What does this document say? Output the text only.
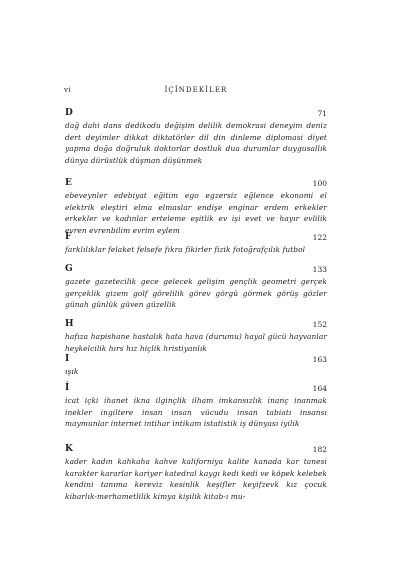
vi	İÇİNDEKİLER
D	71
dağ dahi dans dedikodu değişim delilik demokrasi deneyim deniz dert deyimler dikkat diktatörler dil din dinleme diplomasi diyet yapma doğa doğruluk doktorlar dostluk dua durumlar duygusallık dünya dürüstlük düşman düşünmek
E	100
ebeveynler edebiyat eğitim ego egzersiz eğlence ekonomi el elektrik eleştiri elma elmaslar endişe enginar erdem erkekler erkekler ve kadınlar erteleme eşitlik ev işi evet ve hayır evlilik evren evrenbilim evrim eylem
F	122
farklılıklar felaket felsefe fıkra fikirler fizik fotoğrafçılık futbol
G	133
gazete gazetecilik gece gelecek gelişim gençlik geometri gerçek gerçeklik gizem golf görelilik görev görgü görmek görüş gözler günah günlük güven güzellik
H	152
hafıza hapishane hastalık hata hava (durumu) hayal gücü hayvanlar heykelcilik hırs hız hiçlik hristiyanlık
I	163
ışık
İ	164
icat içki ihanet ikna ilginçlik ilham imkansızlık inanç inanmak inekler ingiltere insan insan vücudu insan tabiatı insansı maymunlar internet intihar intikam istatistik iş dünyası iyilik
K	182
kader kadın kahkaha kahve kaliforniya kalite kanada kar tanesi karakter kararlar kariyer katedral kaygı kedi kedi ve köpek kelebek kendini tanıma kereviz kesinlik keşifler keyifzevk kız çocuk kibarlık-merhametlilik kimya kişilik kitab-ı mu-
